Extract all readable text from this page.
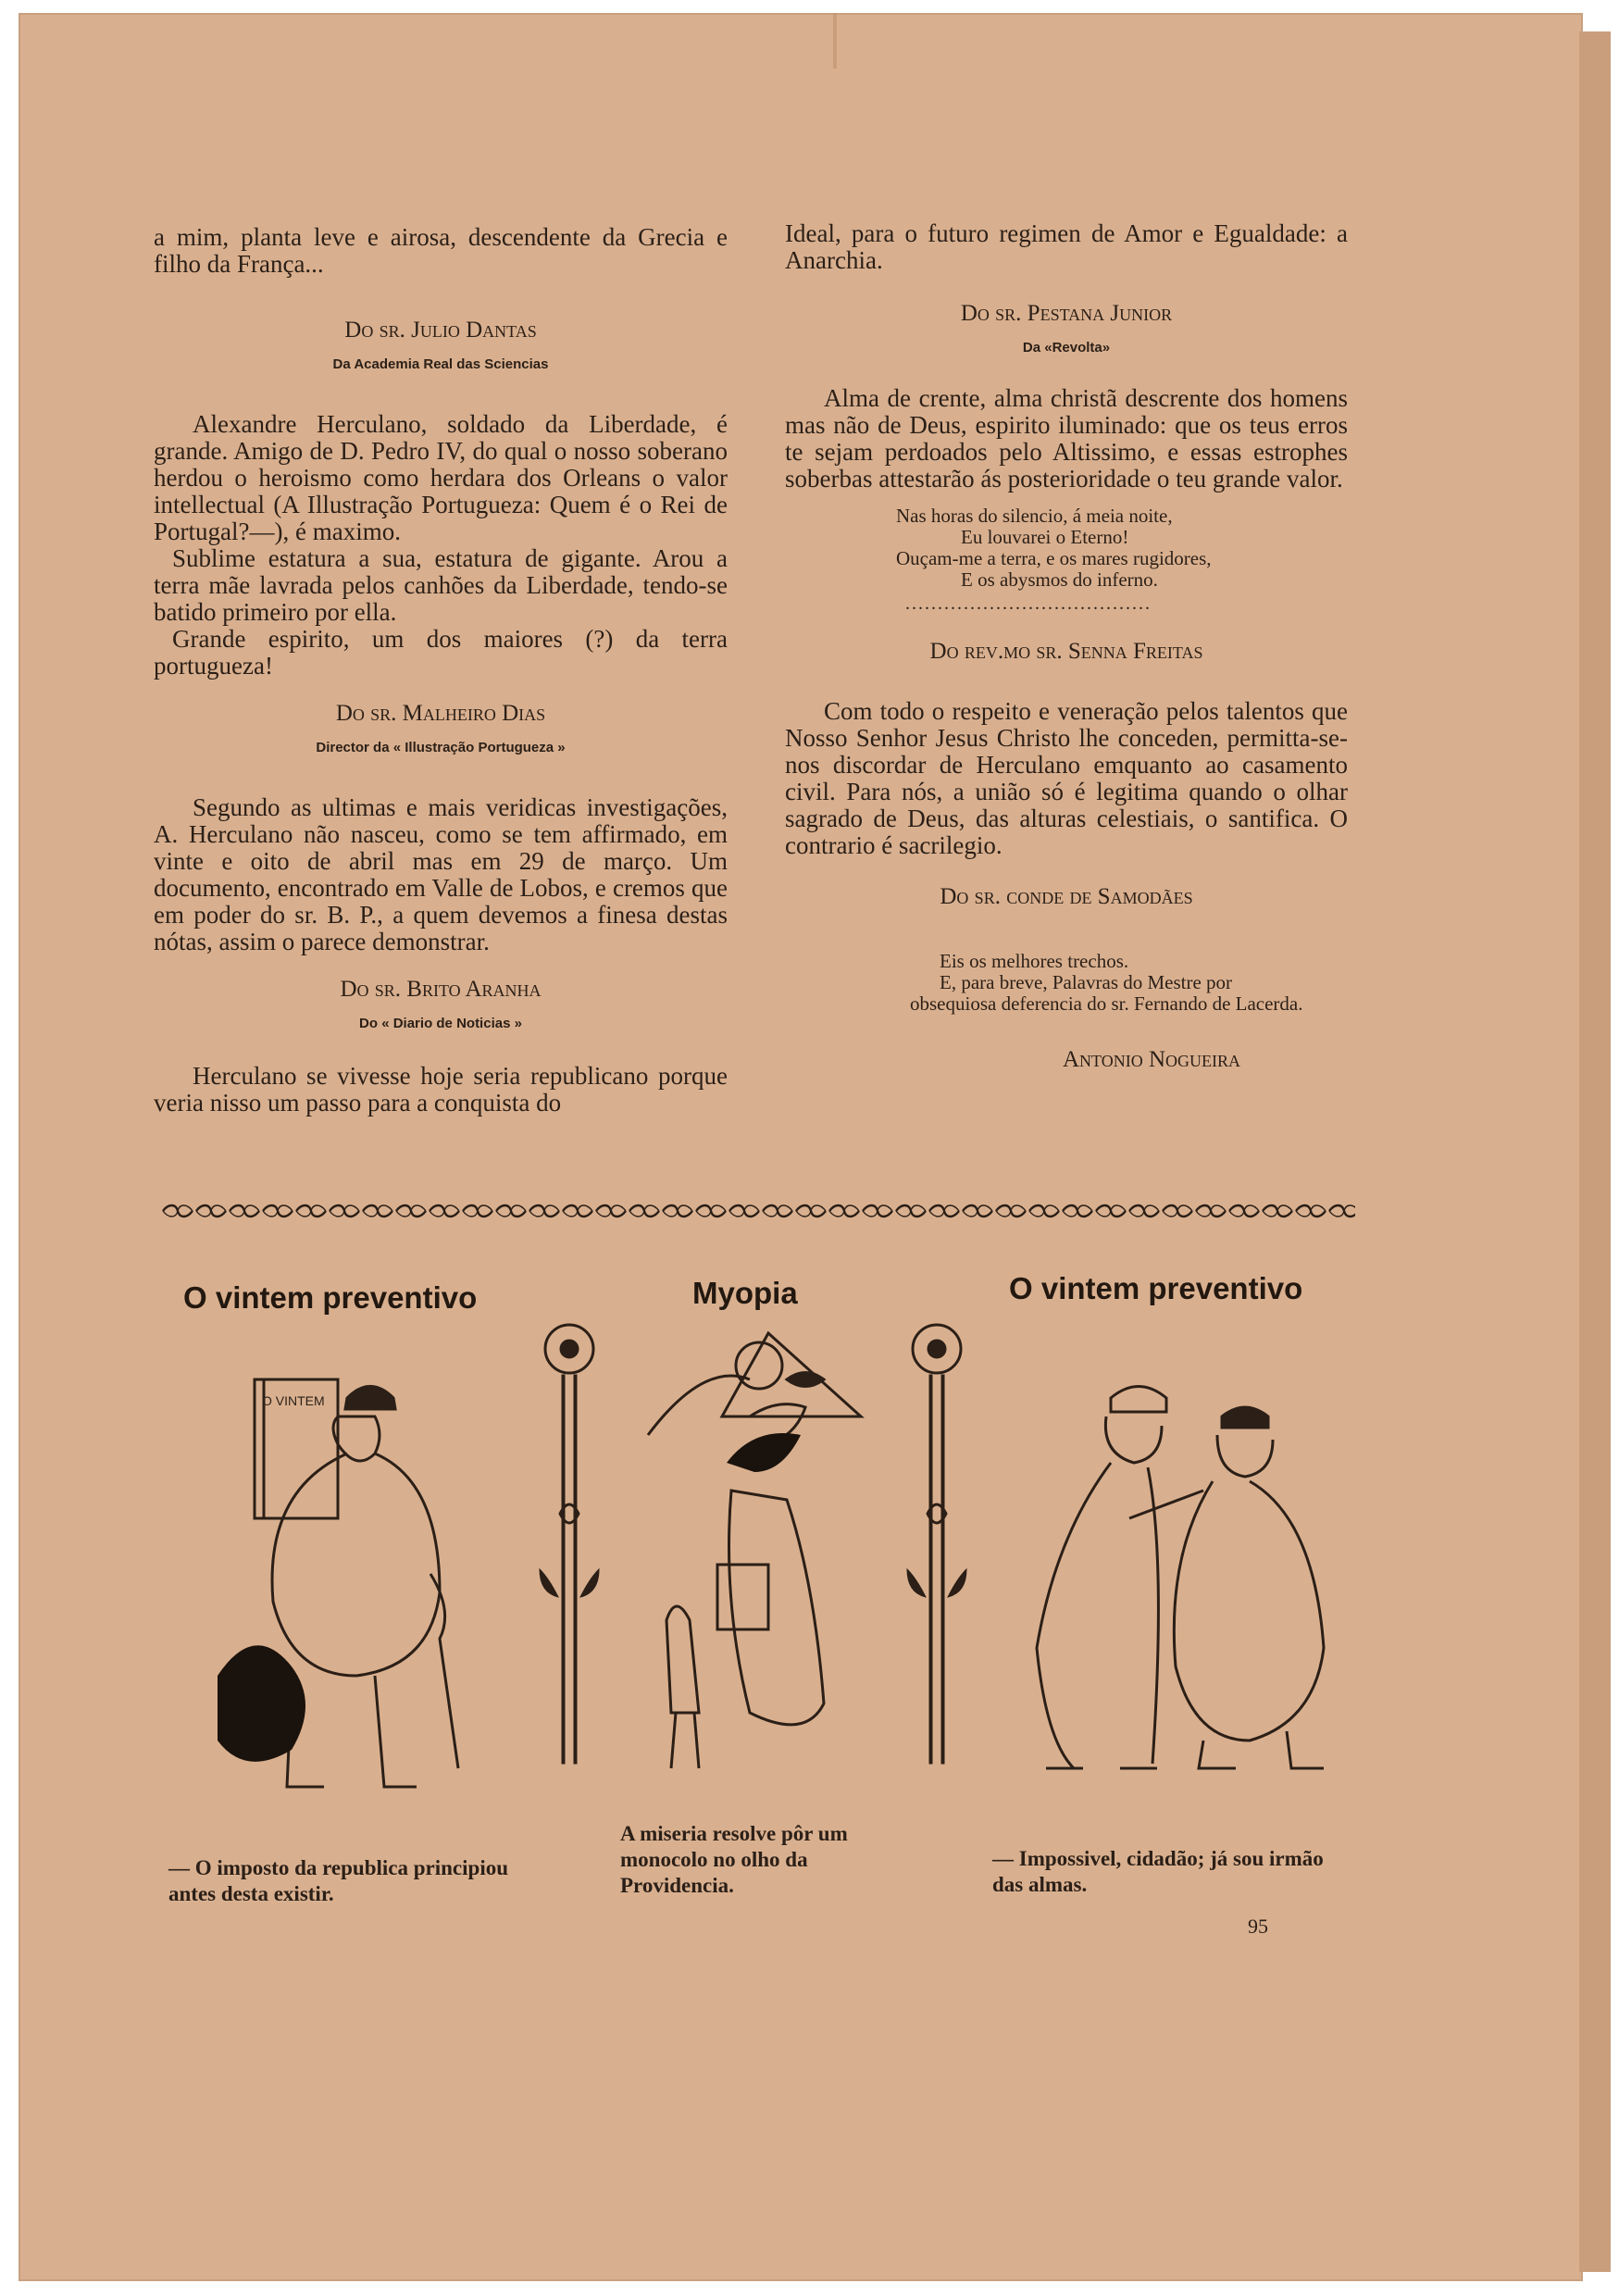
a mim, planta leve e airosa, descendente da Grecia e filho da França...

Do sr. Julio Dantas

Da Academia Real das Sciencias

Alexandre Herculano, soldado da Liberdade, é grande. Amigo de D. Pedro IV, do qual o nosso soberano herdou o heroismo como herdara dos Orleans o valor intellectual (A Illustração Portugueza: Quem é o Rei de Portugal?—), é maximo.

Sublime estatura a sua, estatura de gigante. Arou a terra mãe lavrada pelos canhões da Liberdade, tendo-se batido primeiro por ella.

Grande espirito, um dos maiores (?) da terra portugueza!

Do sr. Malheiro Dias

Director da « Illustração Portugueza »

Segundo as ultimas e mais veridicas investigações, A. Herculano não nasceu, como se tem affirmado, em vinte e oito de abril mas em 29 de março. Um documento, encontrado em Valle de Lobos, e cremos que em poder do sr. B. P., a quem devemos a finesa destas nótas, assim o parece demonstrar.

Do sr. Brito Aranha

Do « Diario de Noticias »

Herculano se vivesse hoje seria republicano porque veria nisso um passo para a conquista do

Ideal, para o futuro regimen de Amor e Egualdade: a Anarchia.

Do sr. Pestana Junior

Da «Revolta»

Alma de crente, alma christã descrente dos homens mas não de Deus, espirito iluminado: que os teus erros te sejam perdoados pelo Altissimo, e essas estrophes soberbas attestarão ás posterioridade o teu grande valor.

Nas horas do silencio, á meia noite,

Eu louvarei o Eterno!

Ouçam-me a terra, e os mares rugidores,

E os abysmos do inferno.

......................................

Do rev.mo sr. Senna Freitas

Com todo o respeito e veneração pelos talentos que Nosso Senhor Jesus Christo lhe conceden, permitta-se-nos discordar de Herculano emquanto ao casamento civil. Para nós, a união só é legitima quando o olhar sagrado de Deus, das alturas celestiais, o santifica. O contrario é sacrilegio.

Do sr. conde de Samodães

Eis os melhores trechos.

E, para breve, Palavras do Mestre por obsequiosa deferencia do sr. Fernando de Lacerda.

Antonio Nogueira

O vintem preventivo	Myopia	O vintem preventivo
O VINTEM
— O imposto da republica principiou antes desta existir.
A miseria resolve pôr um monocolo no olho da Providencia.
— Impossivel, cidadão; já sou irmão das almas.
95
